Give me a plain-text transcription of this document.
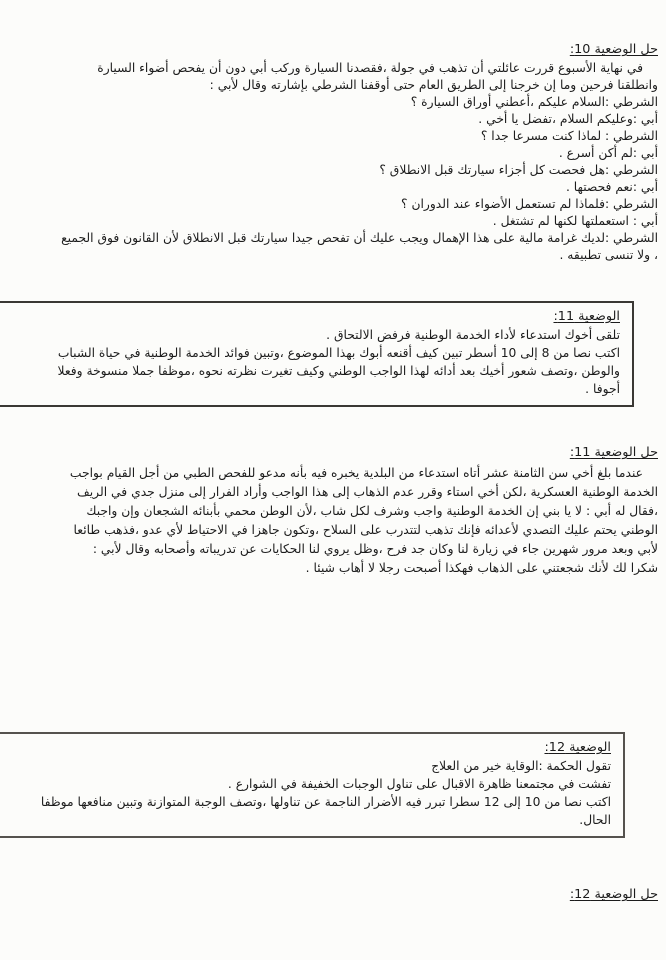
حل الوضعية 10:
في نهاية الأسبوع قررت عائلتي أن تذهب في جولة ،فقصدنا السيارة وركب أبي دون أن يفحص أضواء السيارة
وانطلقنا فرحين وما إن خرجنا إلى الطريق العام حتى أوقفنا الشرطي بإشارته وقال لأبي :
الشرطي :السلام عليكم ،أعطني أوراق السيارة ؟
أبي :وعليكم السلام ،تفضل يا أخي .
الشرطي : لماذا كنت مسرعا جدا ؟
أبي :لم أكن أسرع .
الشرطي :هل فحصت كل أجزاء سيارتك قبل الانطلاق ؟
أبي :نعم فحصتها .
الشرطي :فلماذا لم تستعمل الأضواء عند الدوران ؟
أبي : استعملتها لكنها لم تشتغل .
الشرطي :لديك غرامة مالية على هذا الإهمال ويجب عليك أن تفحص جيدا سيارتك قبل الانطلاق لأن القانون فوق الجميع
، ولا تنسى تطبيقه .
الوضعية 11:
تلقى أخوك استدعاء لأداء الخدمة الوطنية فرفض الالتحاق .
اكتب نصا من 8 إلى 10 أسطر تبين كيف أقنعه أبوك بهذا الموضوع ،وتبين فوائد الخدمة الوطنية في حياة الشباب
والوطن ،وتصف شعور أخيك بعد أدائه لهذا الواجب الوطني وكيف تغيرت نظرته نحوه ،موظفا جملا منسوخة وفعلا
أجوفا .
حل الوضعية 11:
عندما بلغ أخي سن الثامنة عشر أتاه استدعاء من البلدية يخبره فيه بأنه مدعو للفحص الطبي من أجل القيام بواجب
الخدمة الوطنية العسكرية ،لكن أخي استاء وقرر عدم الذهاب إلى هذا الواجب وأراد الفرار إلى منزل جدي في الريف
،فقال له أبي : لا يا بني إن الخدمة الوطنية واجب وشرف لكل شاب ،لأن الوطن محمي بأبنائه الشجعان وإن واجبك
الوطني يحتم عليك التصدي لأعدائه فإنك تذهب لتتدرب على السلاح ،وتكون جاهزا في الاحتياط لأي عدو ،فذهب طائعا
لأبي وبعد مرور شهرين جاء في زيارة لنا وكان جد فرح ،وظل يروي لنا الحكايات عن تدريباته وأصحابه وقال لأبي :
شكرا لك لأنك شجعتني على الذهاب فهكذا أصبحت رجلا لا أهاب شيئا .
الوضعية 12:
تقول الحكمة :الوقاية خير من العلاج
تفشت في مجتمعنا ظاهرة الاقبال على تناول الوجبات الخفيفة في الشوارع .
اكتب نصا من 10 إلى 12 سطرا تبرر فيه الأضرار الناجمة عن تناولها ،وتصف الوجبة المتوازنة وتبين منافعها موظفا
الحال.
حل الوضعية 12:
